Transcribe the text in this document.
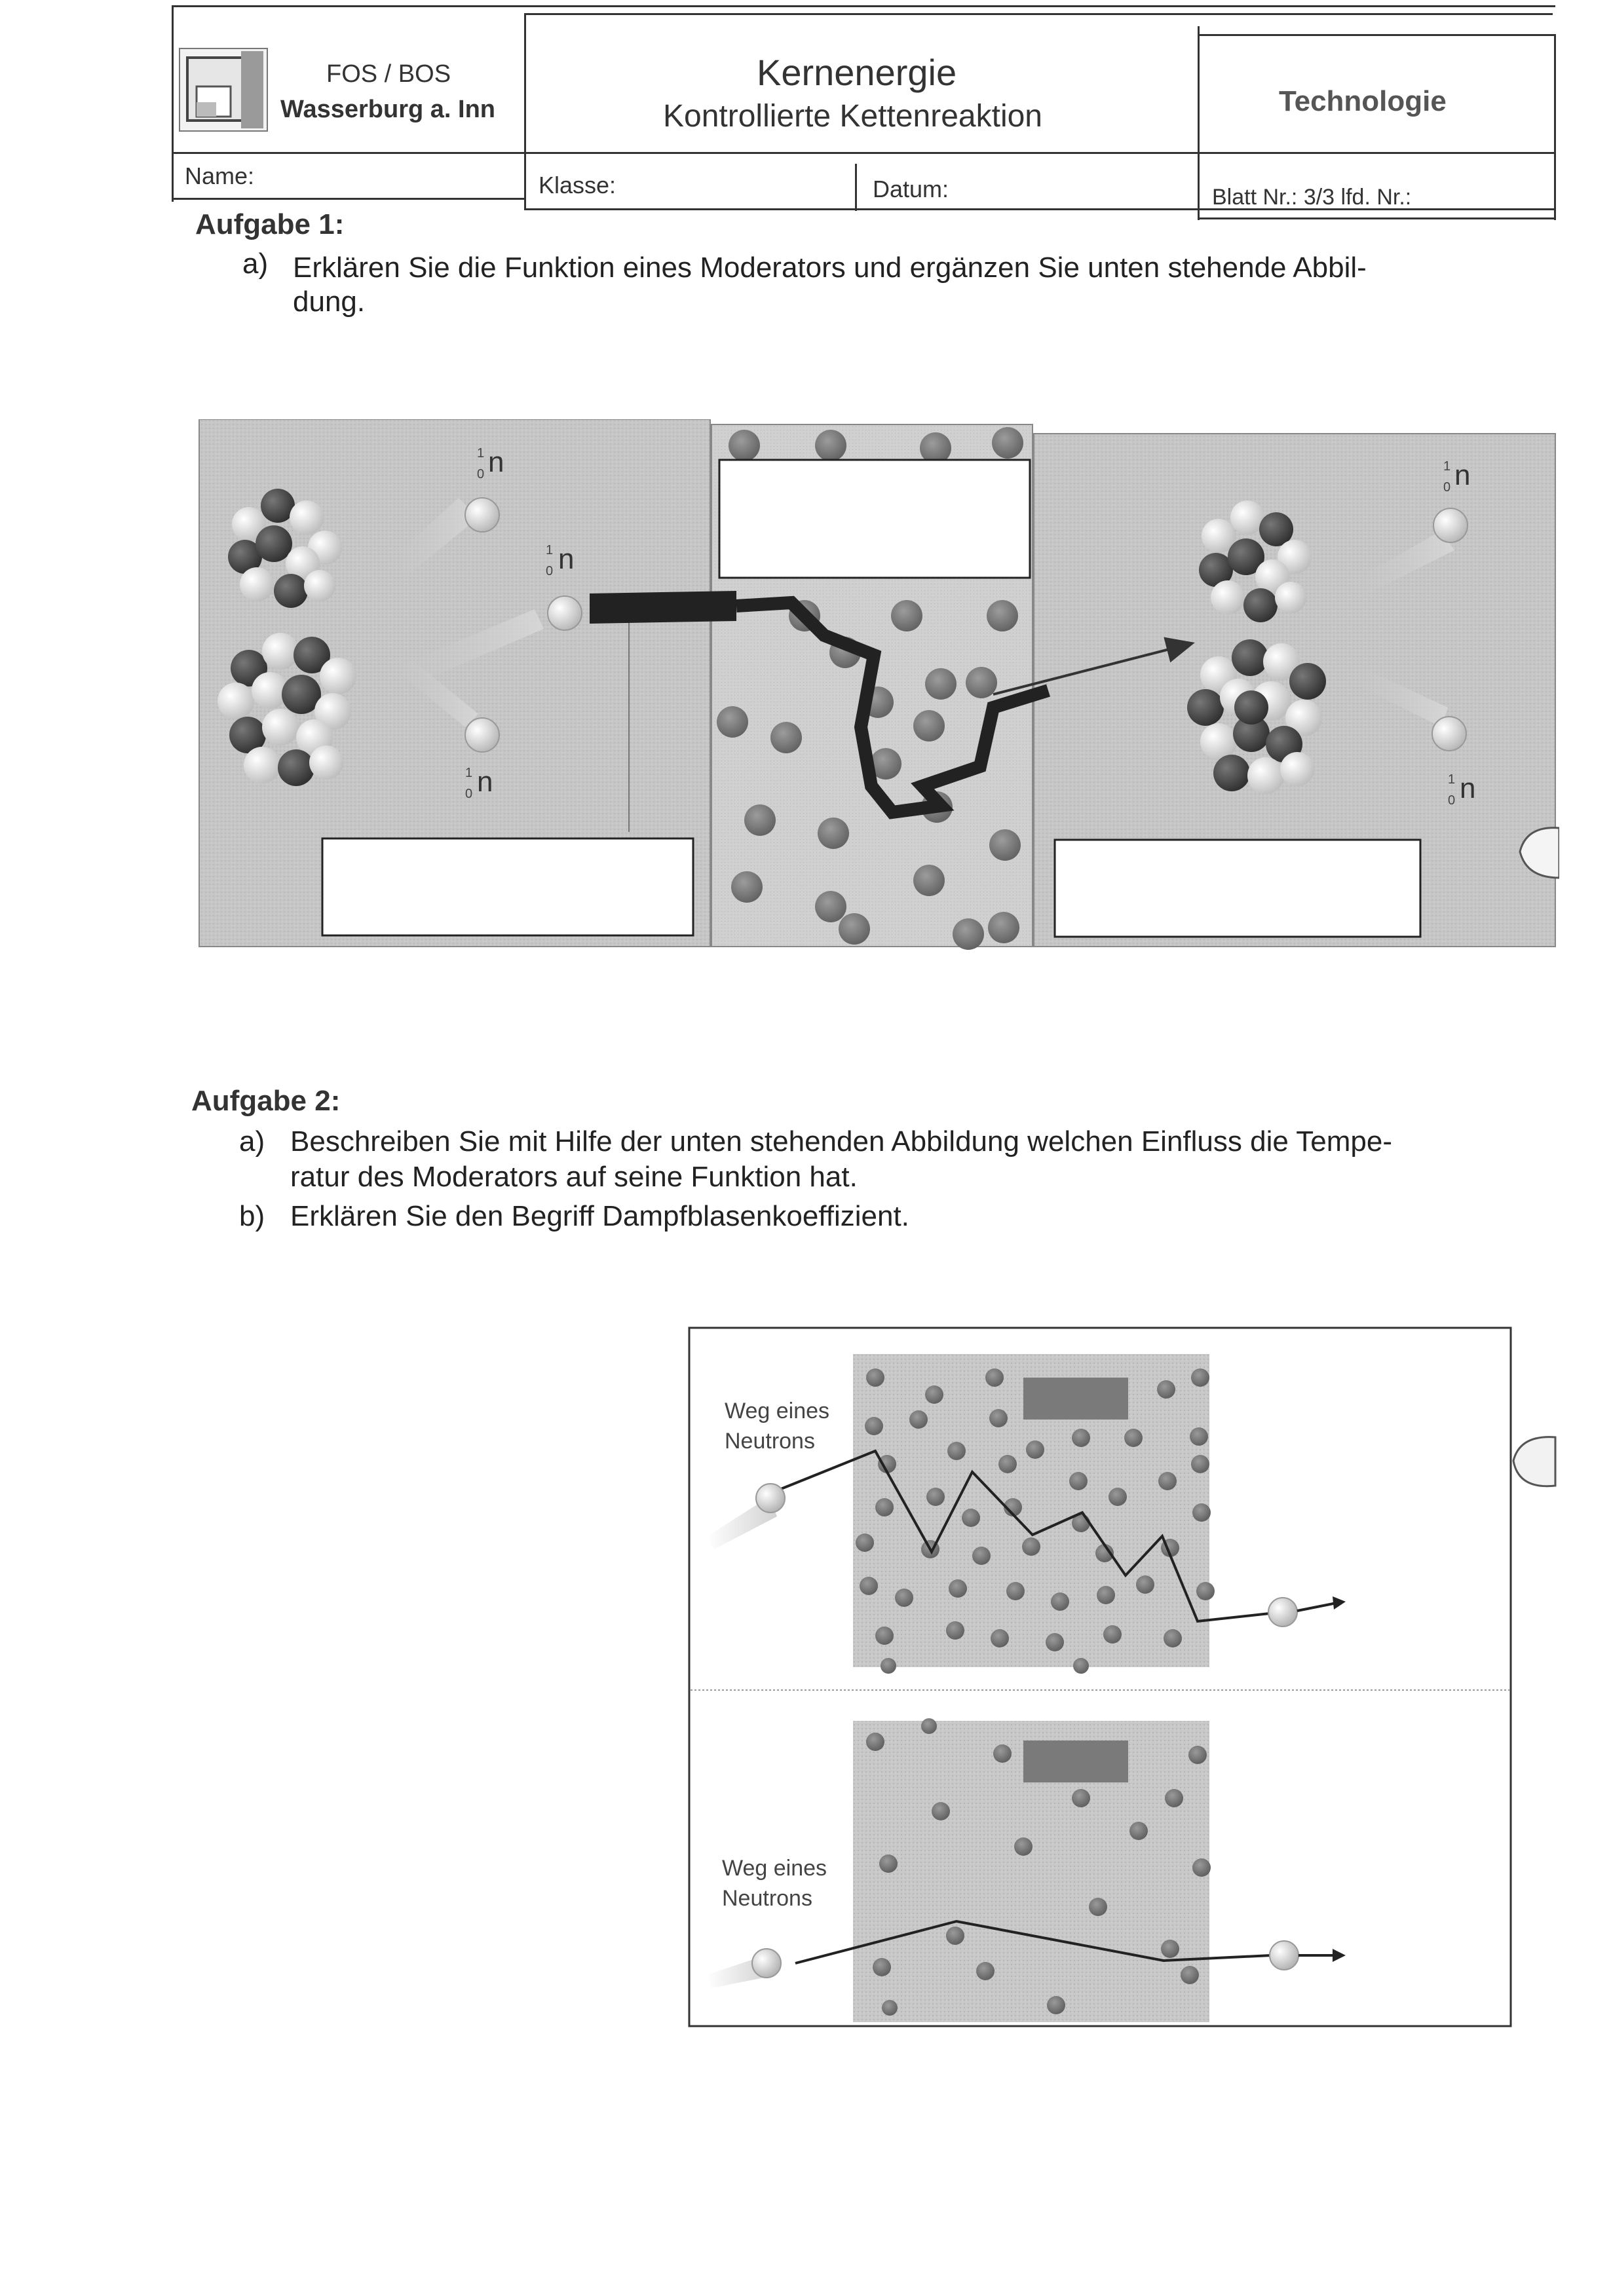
FOS / BOS
Wasserburg a. Inn
Kernenergie
Kontrollierte Kettenreaktion	Technologie
Name:	Klasse:	Datum:	Blatt Nr.: 3/3 lfd. Nr.:
Aufgabe 1:
a) Erklären Sie die Funktion eines Moderators und ergänzen Sie unten stehende Abbil-
dung.
n
1
0
n
1
0
n
1
0
n
1
0
n
1
0
Aufgabe 2:
a) Beschreiben Sie mit Hilfe der unten stehenden Abbildung welchen Einfluss die Tempe-
ratur des Moderators auf seine Funktion hat.
b) Erklären Sie den Begriff Dampfblasenkoeffizient.
Weg eines
Neutrons
Weg eines
Neutrons
